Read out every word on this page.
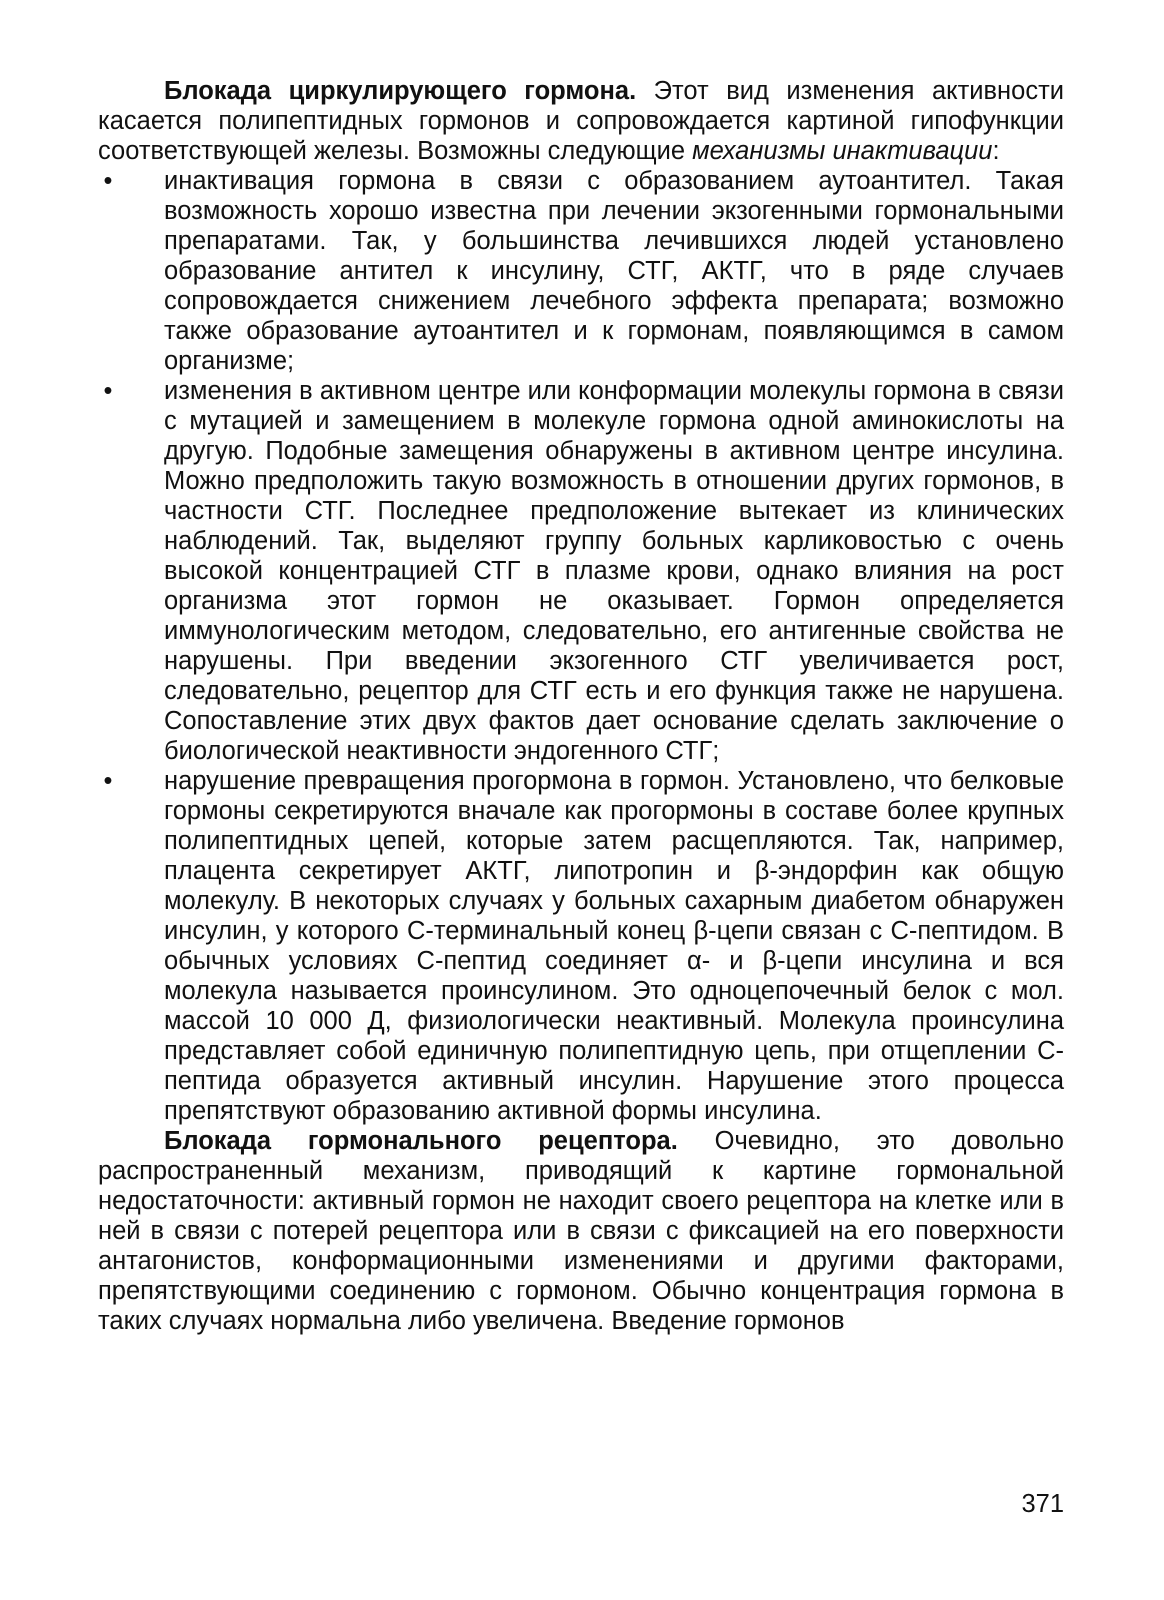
Блокада циркулирующего гормона. Этот вид изменения активности касается полипептидных гормонов и сопровождается картиной гипофункции соответствующей железы. Возможны следующие механизмы инактивации:

• инактивация гормона в связи с образованием аутоантител. Такая возможность хорошо известна при лечении экзогенными гормональными препаратами. Так, у большинства лечившихся людей установлено образование антител к инсулину, СТГ, АКТГ, что в ряде случаев сопровождается снижением лечебного эффекта препарата; возможно также образование аутоантител и к гормонам, появляющимся в самом организме;
• изменения в активном центре или конформации молекулы гормона в связи с мутацией и замещением в молекуле гормона одной аминокислоты на другую. Подобные замещения обнаружены в активном центре инсулина. Можно предположить такую возможность в отношении других гормонов, в частности СТГ. Последнее предположение вытекает из клинических наблюдений. Так, выделяют группу больных карликовостью с очень высокой концентрацией СТГ в плазме крови, однако влияния на рост организма этот гормон не оказывает. Гормон определяется иммунологическим методом, следовательно, его антигенные свойства не нарушены. При введении экзогенного СТГ увеличивается рост, следовательно, рецептор для СТГ есть и его функция также не нарушена. Сопоставление этих двух фактов дает основание сделать заключение о биологической неактивности эндогенного СТГ;
• нарушение превращения прогормона в гормон. Установлено, что белковые гормоны секретируются вначале как прогормоны в составе более крупных полипептидных цепей, которые затем расщепляются. Так, например, плацента секретирует АКТГ, липотропин и β-эндорфин как общую молекулу. В некоторых случаях у больных сахарным диабетом обнаружен инсулин, у которого С-терминальный конец β-цепи связан с С-пептидом. В обычных условиях С-пептид соединяет α- и β-цепи инсулина и вся молекула называется проинсулином. Это одноцепочечный белок с мол. массой 10 000 Д, физиологически неактивный. Молекула проинсулина представляет собой единичную полипептидную цепь, при отщеплении С-пептида образуется активный инсулин. Нарушение этого процесса препятствуют образованию активной формы инсулина.

Блокада гормонального рецептора. Очевидно, это довольно распространенный механизм, приводящий к картине гормональной недостаточности: активный гормон не находит своего рецептора на клетке или в ней в связи с потерей рецептора или в связи с фиксацией на его поверхности антагонистов, конформационными изменениями и другими факторами, препятствующими соединению с гормоном. Обычно концентрация гормона в таких случаях нормальна либо увеличена. Введение гормонов

371
